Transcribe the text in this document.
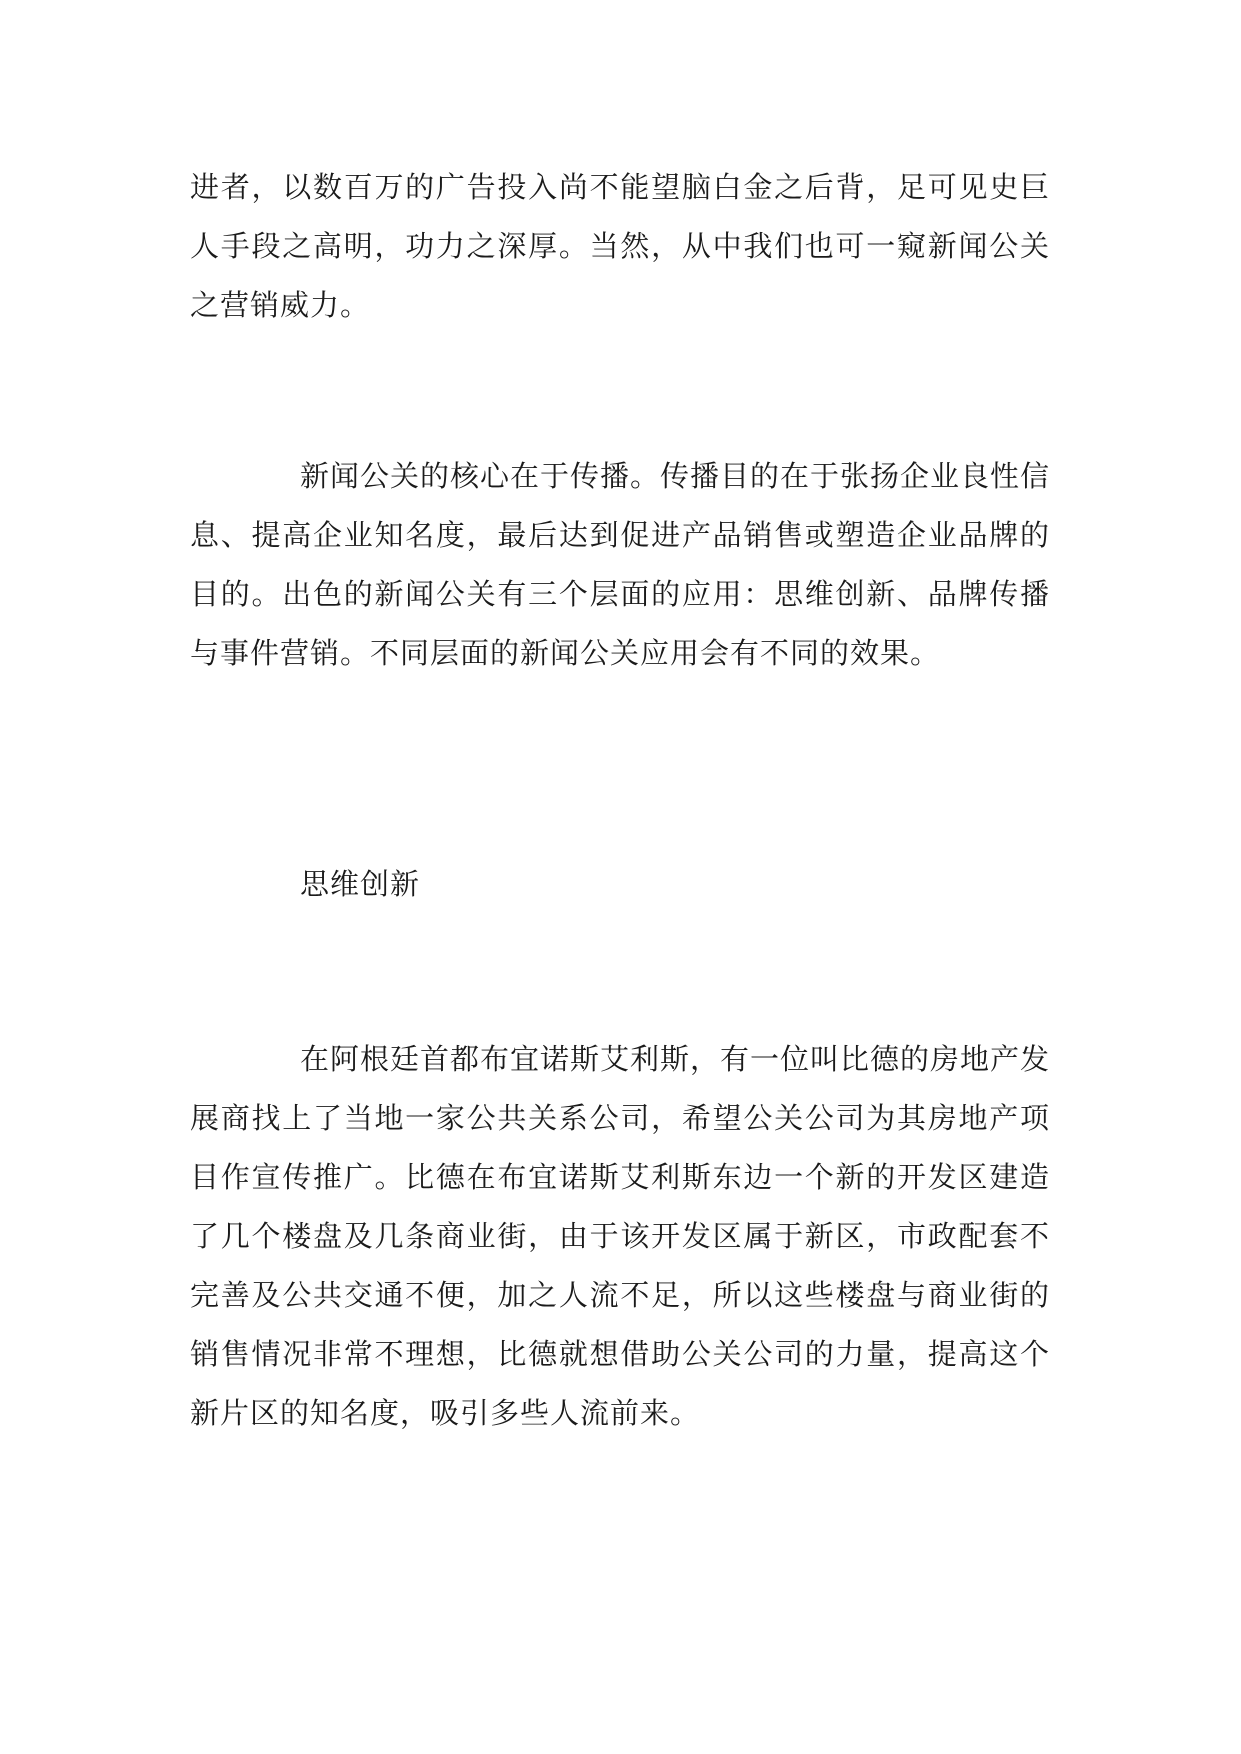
进者，以数百万的广告投入尚不能望脑白金之后背，足可见史巨人手段之高明，功力之深厚。当然，从中我们也可一窥新闻公关之营销威力。

新闻公关的核心在于传播。传播目的在于张扬企业良性信息、提高企业知名度，最后达到促进产品销售或塑造企业品牌的目的。出色的新闻公关有三个层面的应用：思维创新、品牌传播与事件营销。不同层面的新闻公关应用会有不同的效果。

思维创新

在阿根廷首都布宜诺斯艾利斯，有一位叫比德的房地产发展商找上了当地一家公共关系公司，希望公关公司为其房地产项目作宣传推广。比德在布宜诺斯艾利斯东边一个新的开发区建造了几个楼盘及几条商业街，由于该开发区属于新区，市政配套不完善及公共交通不便，加之人流不足，所以这些楼盘与商业街的销售情况非常不理想，比德就想借助公关公司的力量，提高这个新片区的知名度，吸引多些人流前来。
